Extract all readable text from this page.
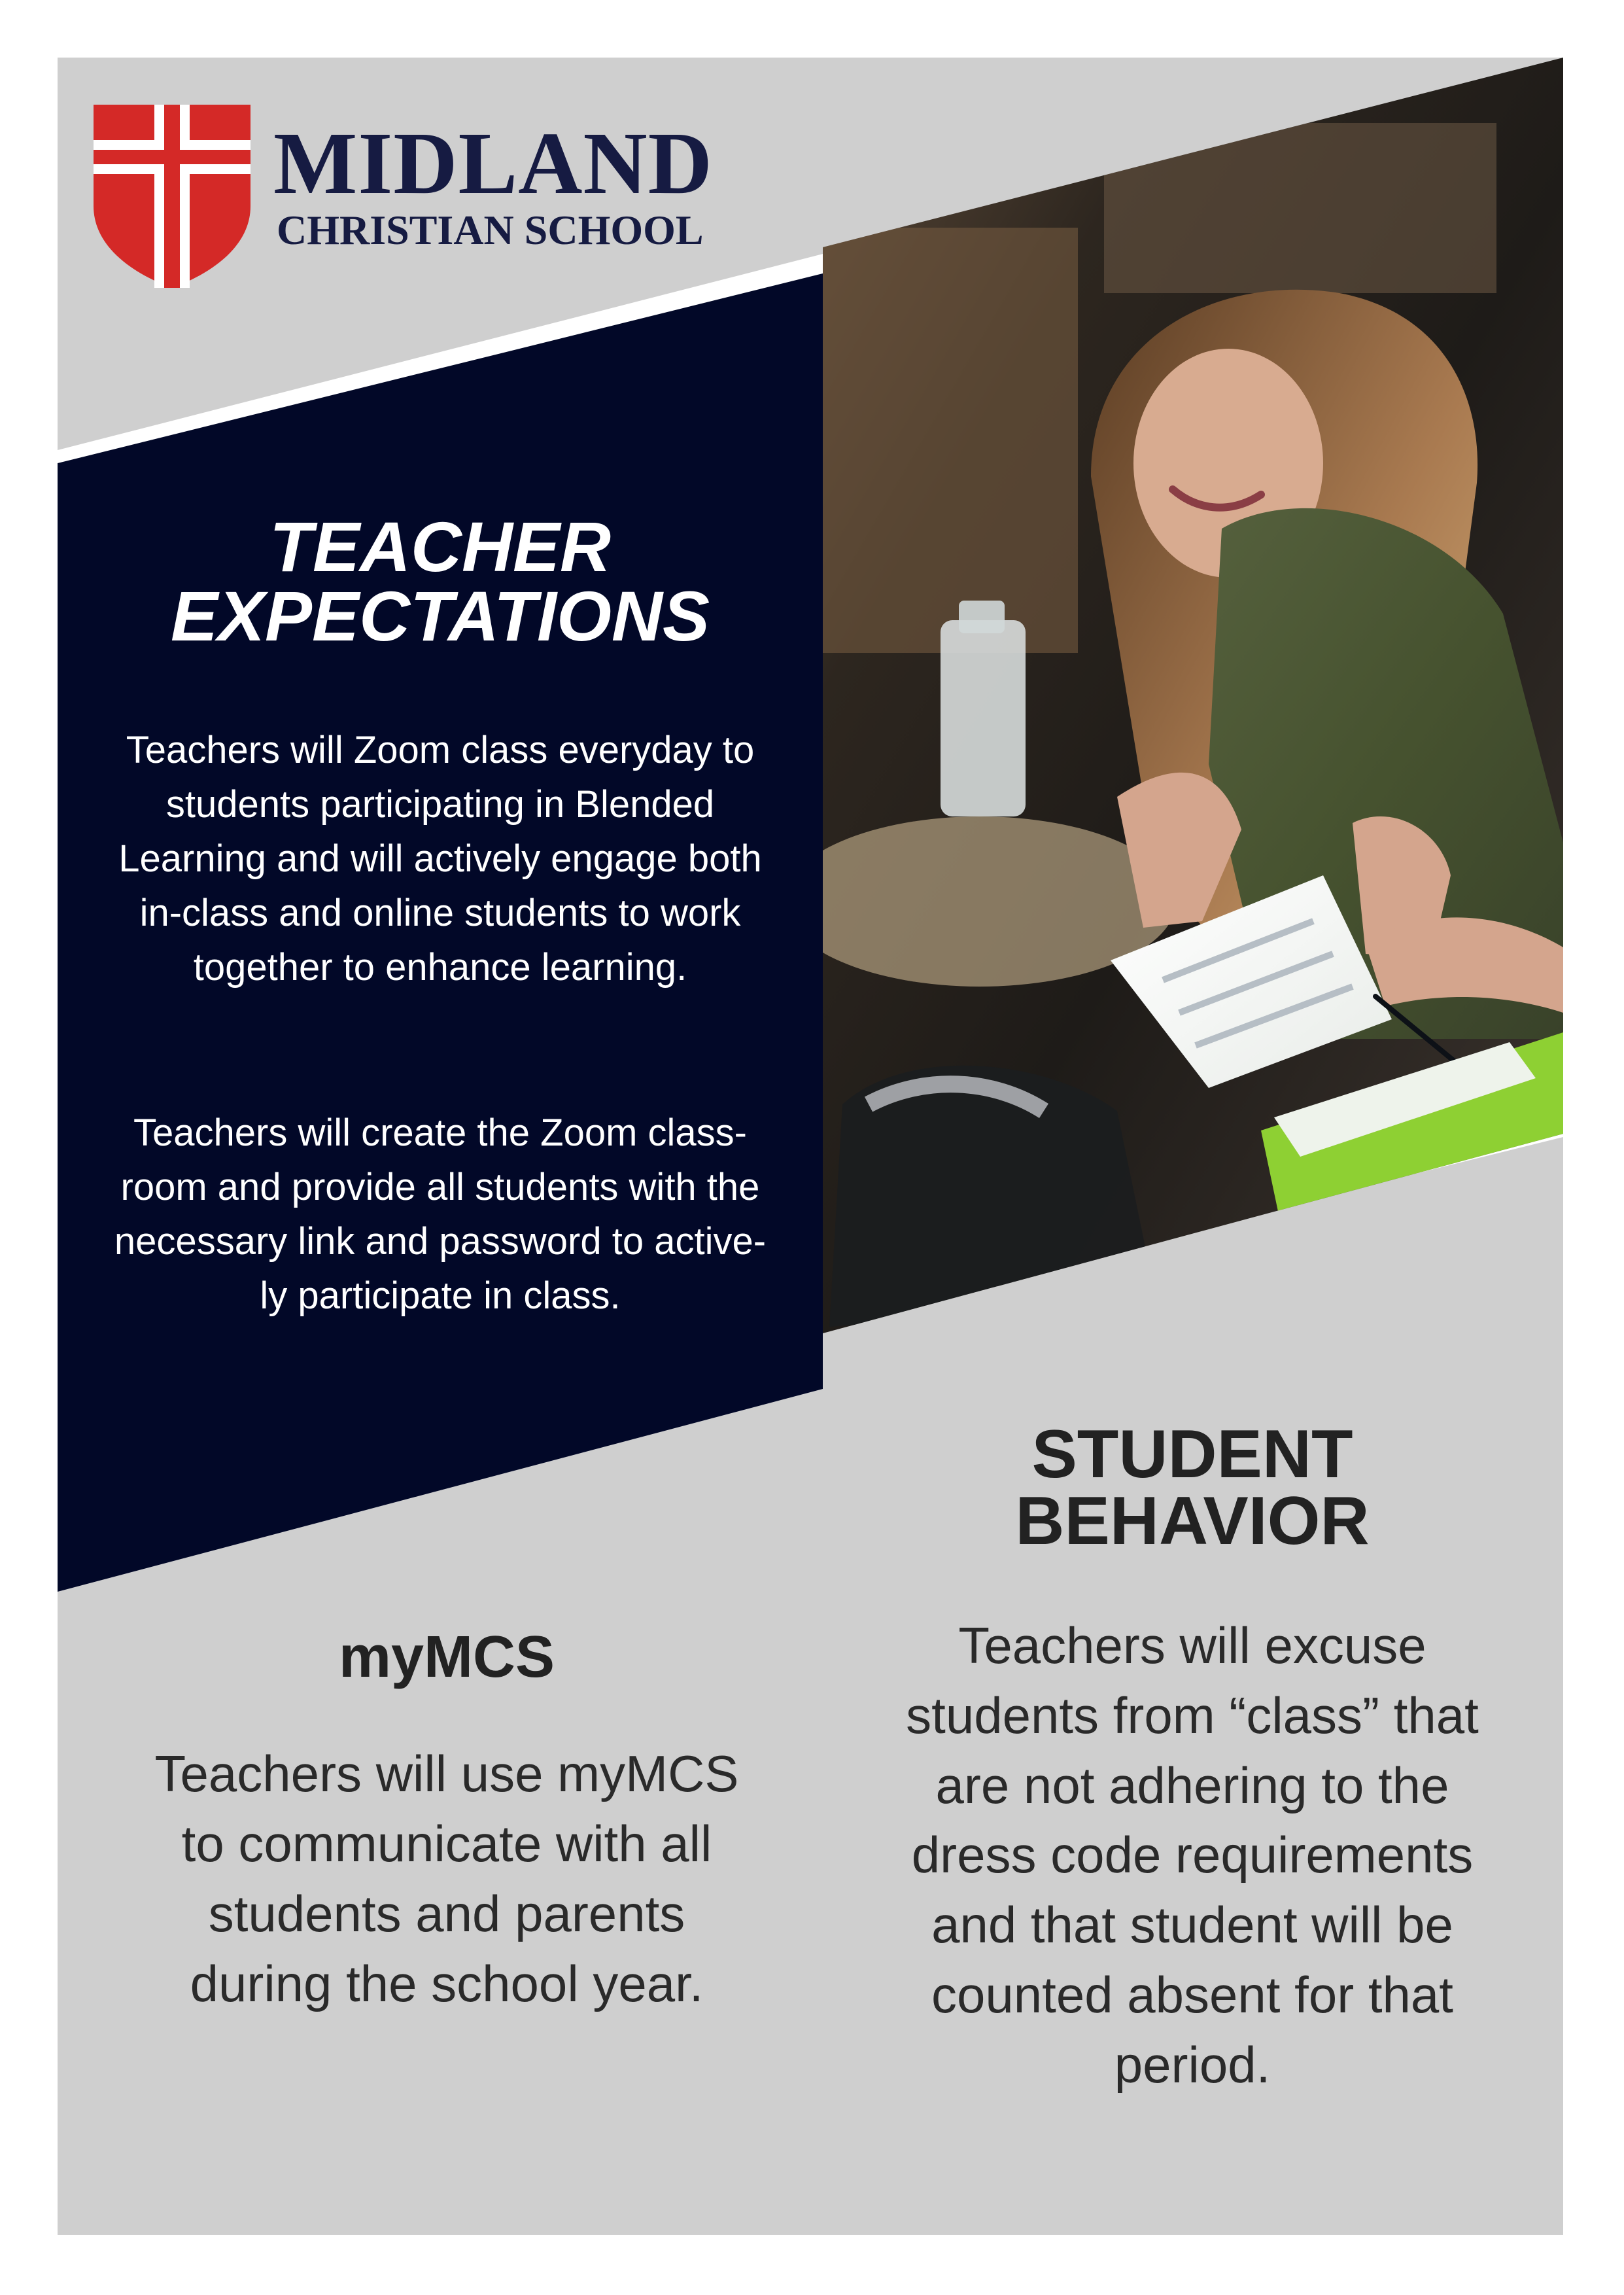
MIDLAND

CHRISTIAN SCHOOL

TEACHER
EXPECTATIONS

Teachers will Zoom class everyday to
students participating in Blended
Learning and will actively engage both
in-class and online students to work
together to enhance learning.

Teachers will create the Zoom class-
room and provide all students with the
necessary link and password to active-
ly participate in class.

STUDENT
BEHAVIOR

Teachers will excuse
students from “class” that
are not adhering to the
dress code requirements
and that student will be
counted absent for that
period.

myMCS

Teachers will use myMCS
to communicate with all
students and parents
during the school year.
